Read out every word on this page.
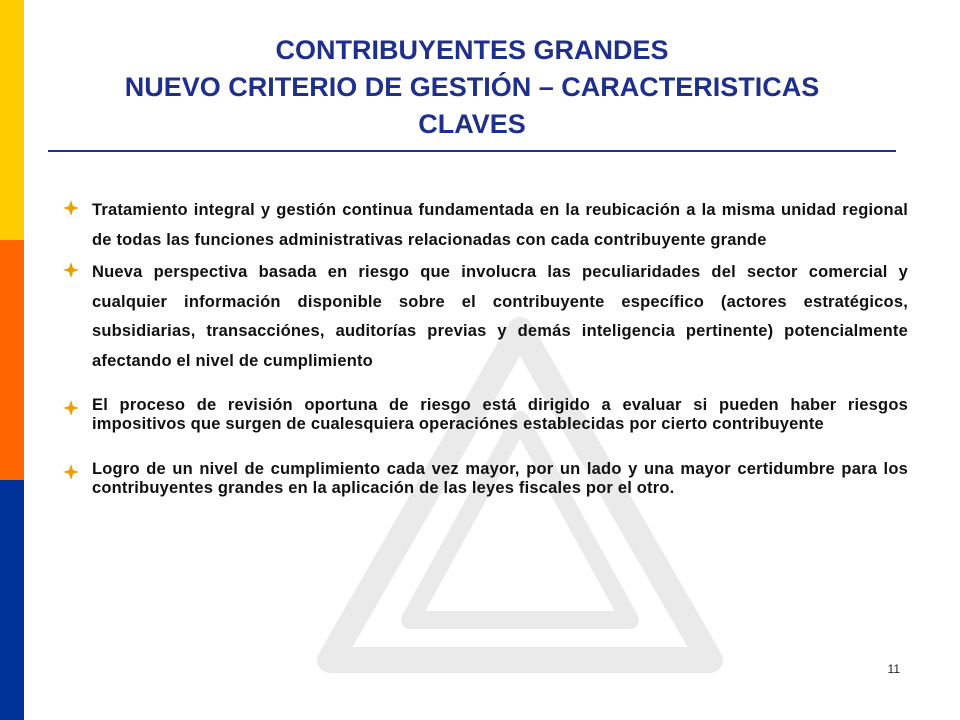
CONTRIBUYENTES GRANDES
NUEVO CRITERIO DE GESTIÓN – CARACTERISTICAS
CLAVES
Tratamiento integral y gestión continua fundamentada en la reubicación a la misma unidad regional de todas las funciones administrativas relacionadas con cada contribuyente grande
Nueva perspectiva basada en riesgo que involucra las peculiaridades del sector comercial y cualquier información disponible sobre el contribuyente específico (actores estratégicos, subsidiarias, transacciónes, auditorías previas y demás inteligencia pertinente) potencialmente afectando el nivel de cumplimiento
El proceso de revisión oportuna de riesgo está dirigido a evaluar si pueden haber riesgos impositivos que surgen de cualesquiera operaciónes establecidas por cierto contribuyente
Logro de un nivel de cumplimiento cada vez mayor, por un lado y una mayor certidumbre para los contribuyentes grandes en la aplicación de las leyes fiscales por el otro.
11
